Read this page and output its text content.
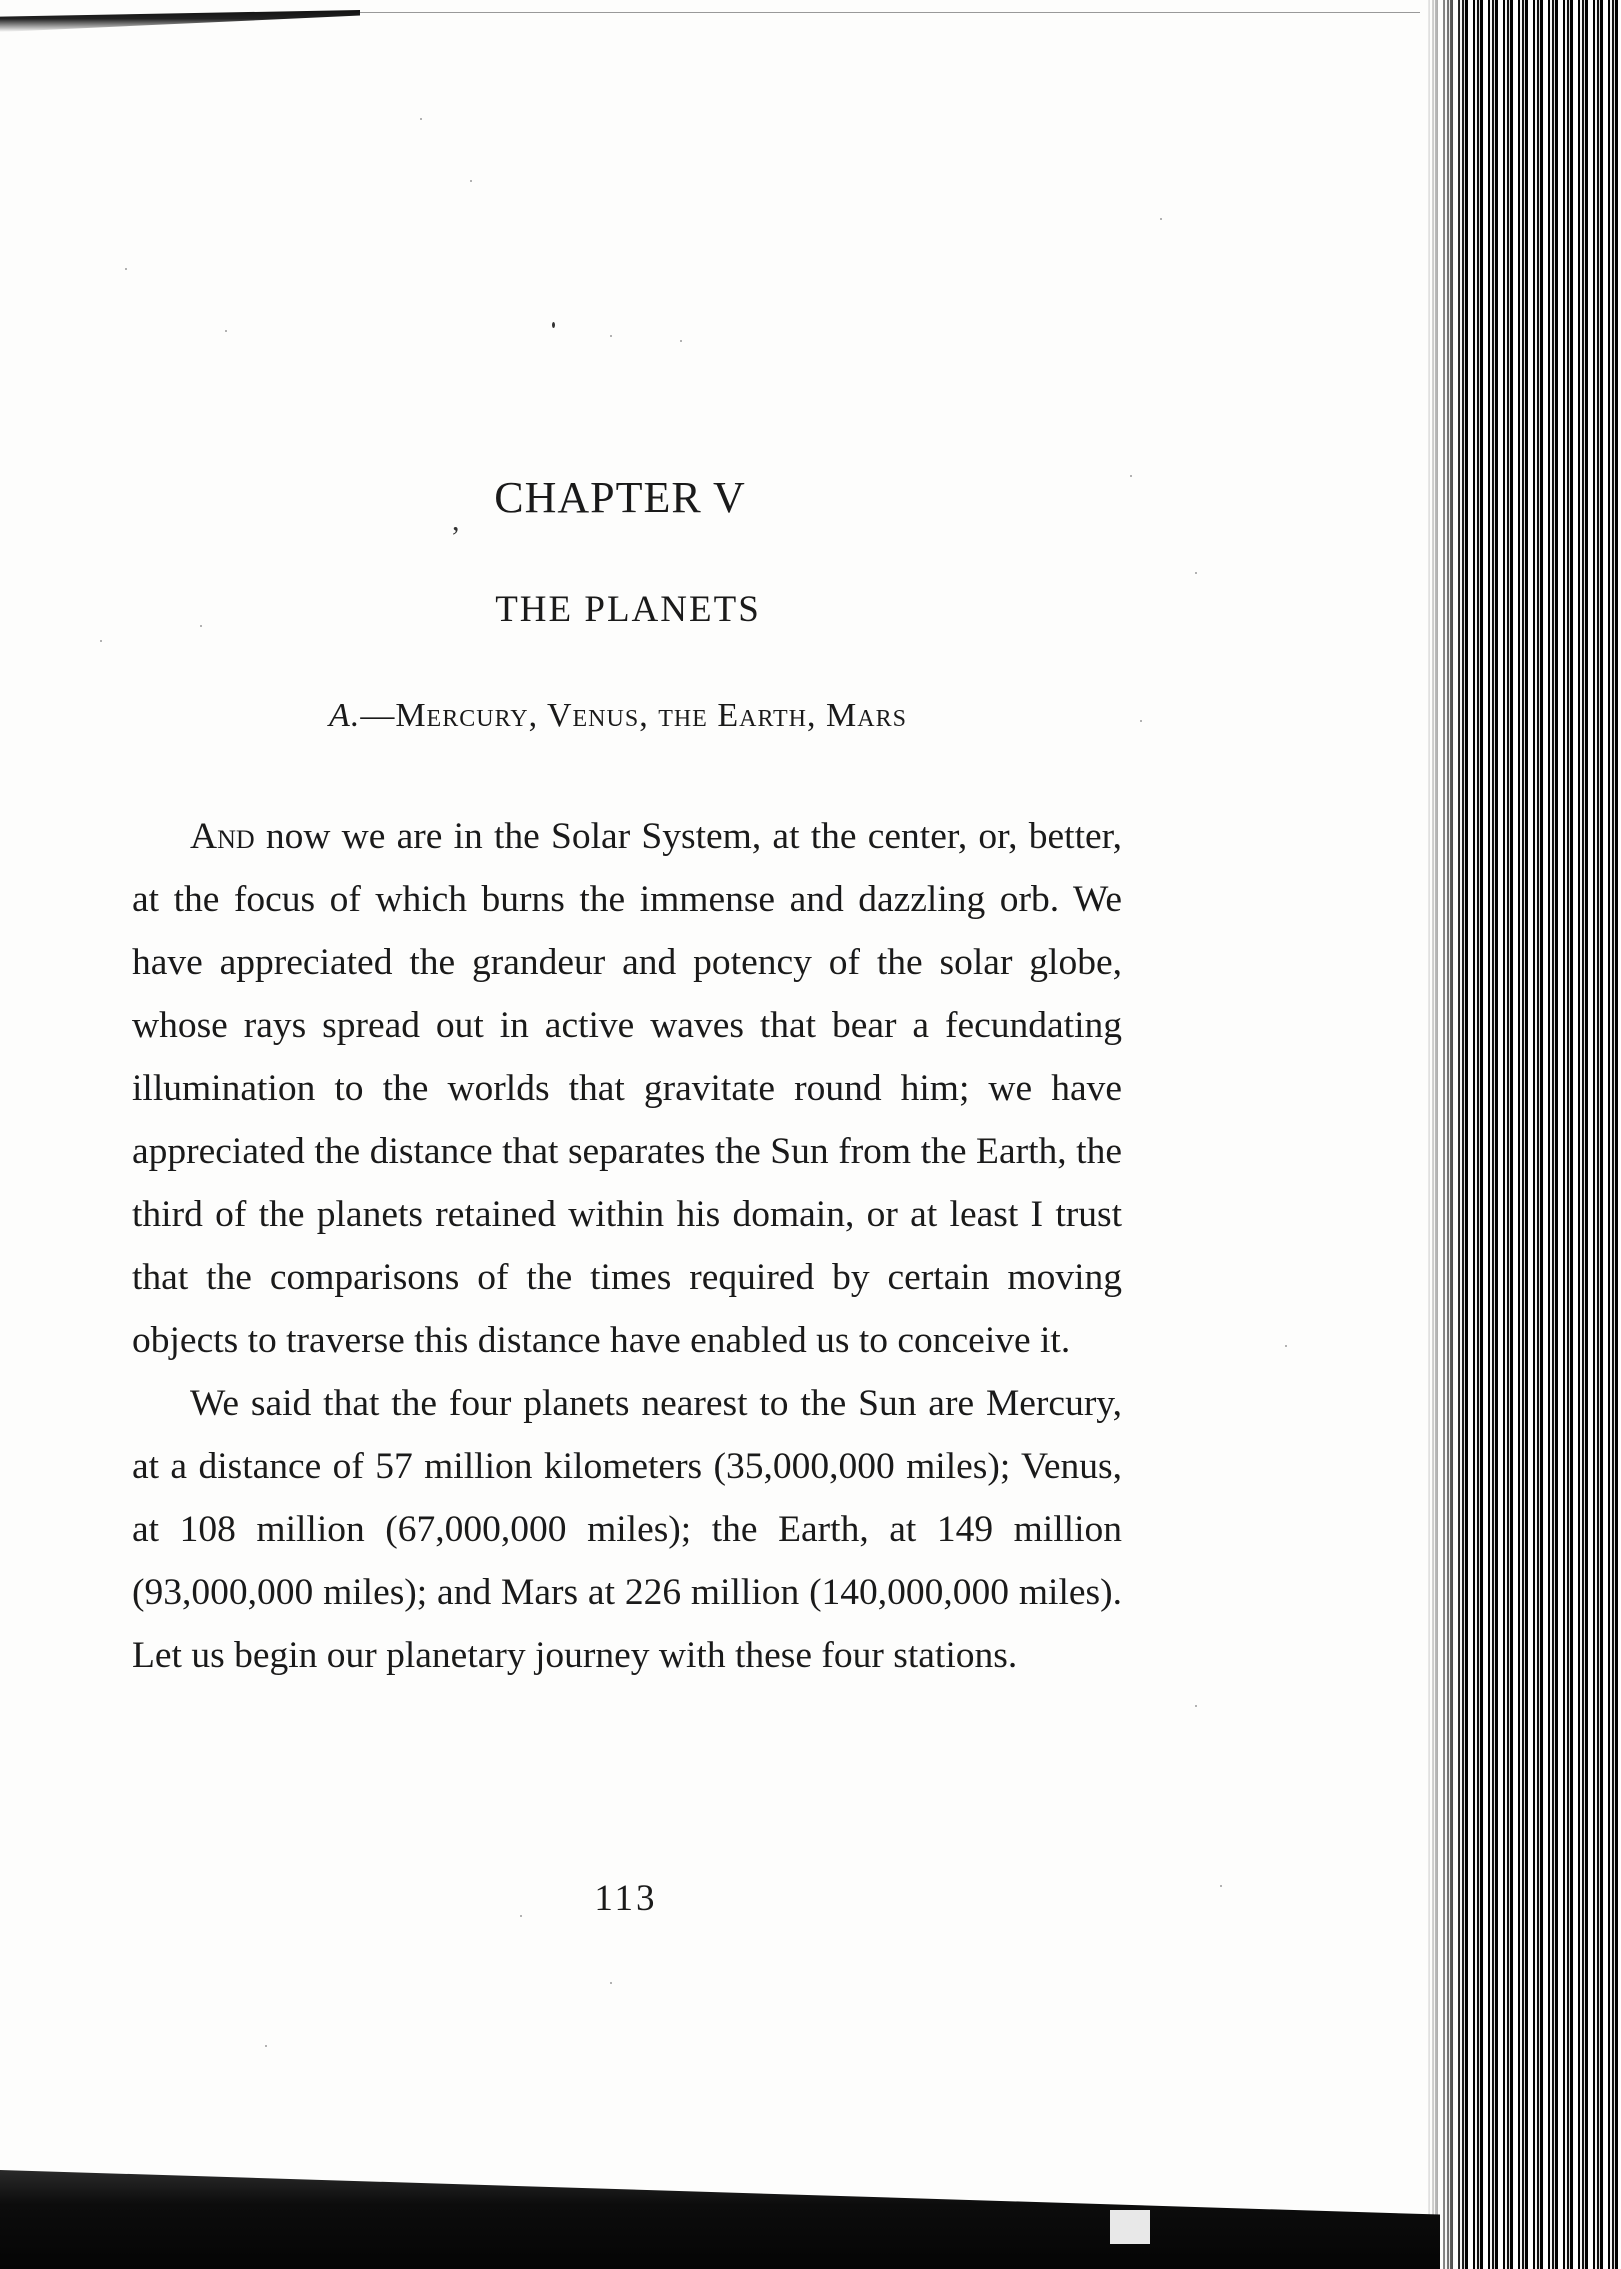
, CHAPTER V
THE PLANETS
A.—Mercury, Venus, the Earth, Mars

And now we are in the Solar System, at the center, or, better, at the focus of which burns the immense and dazzling orb. We have appreciated the grandeur and potency of the solar globe, whose rays spread out in active waves that bear a fecundating illumination to the worlds that gravitate round him; we have appreciated the distance that separates the Sun from the Earth, the third of the planets retained within his domain, or at least I trust that the comparisons of the times required by certain moving objects to traverse this distance have enabled us to conceive it.

We said that the four planets nearest to the Sun are Mercury, at a distance of 57 million kilometers (35,000,000 miles); Venus, at 108 million (67,000,000 miles); the Earth, at 149 million (93,000,000 miles); and Mars at 226 million (140,000,000 miles). Let us begin our planetary journey with these four stations.

113
